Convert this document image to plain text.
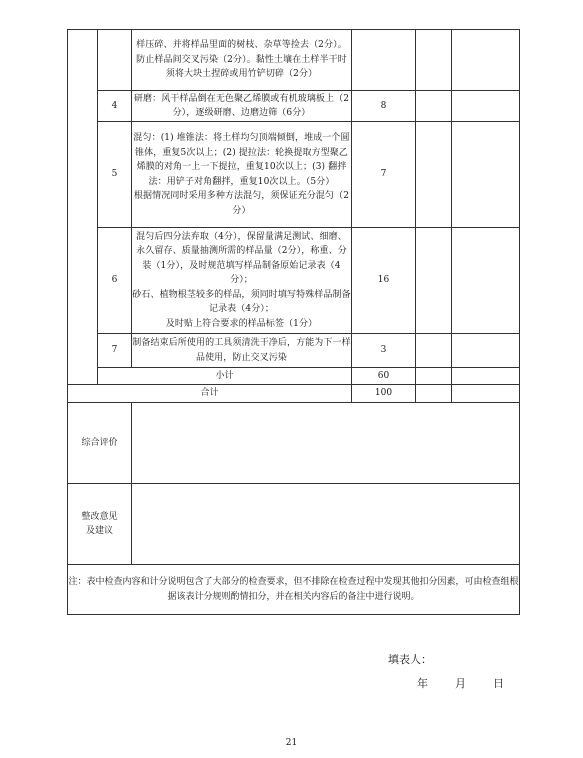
		样压碎、并将样品里面的树枝、杂草等捡去（2分）。防止样品间交叉污染（2分）。黏性土壤在土样半干时须将大块土捏碎或用竹铲切碎（2分）			
	4	研磨：风干样品倒在无色聚乙烯膜或有机玻璃板上（2分），逐级研磨、边磨边筛（6分）	8		
	5	混匀：(1) 堆锥法：将土样均匀顶端倾倒，堆成一个圆锥体，重复5次以上；(2) 提拉法：轮换提取方型聚乙烯膜的对角一上一下提拉，重复10次以上；(3) 翻拌法：用铲子对角翻拌，重复10次以上。（5分）
根据情况同时采用多种方法混匀，须保证充分混匀（2分）	7		
	6	混匀后四分法弃取（4分），保留量满足测试、细磨、永久留存、质量抽测所需的样品量（2分），称重、分装（1分），及时规范填写样品制备原始记录表（4分）；
砂石、植物根茎较多的样品，须同时填写特殊样品制备记录表（4分）；
及时贴上符合要求的样品标签（1分）	16		
	7	制备结束后所使用的工具须清洗干净后，方能为下一样品使用，防止交叉污染	3		
	小计		60		
合计			100		
综合评价					
整改意见
及建议					
注：表中检查内容和计分说明包含了大部分的检查要求，但不排除在检查过程中发现其他扣分因素，可由检查组根据该表计分规则酌情扣分，并在相关内容后的备注中进行说明。					
填表人：
年 月 日
21
